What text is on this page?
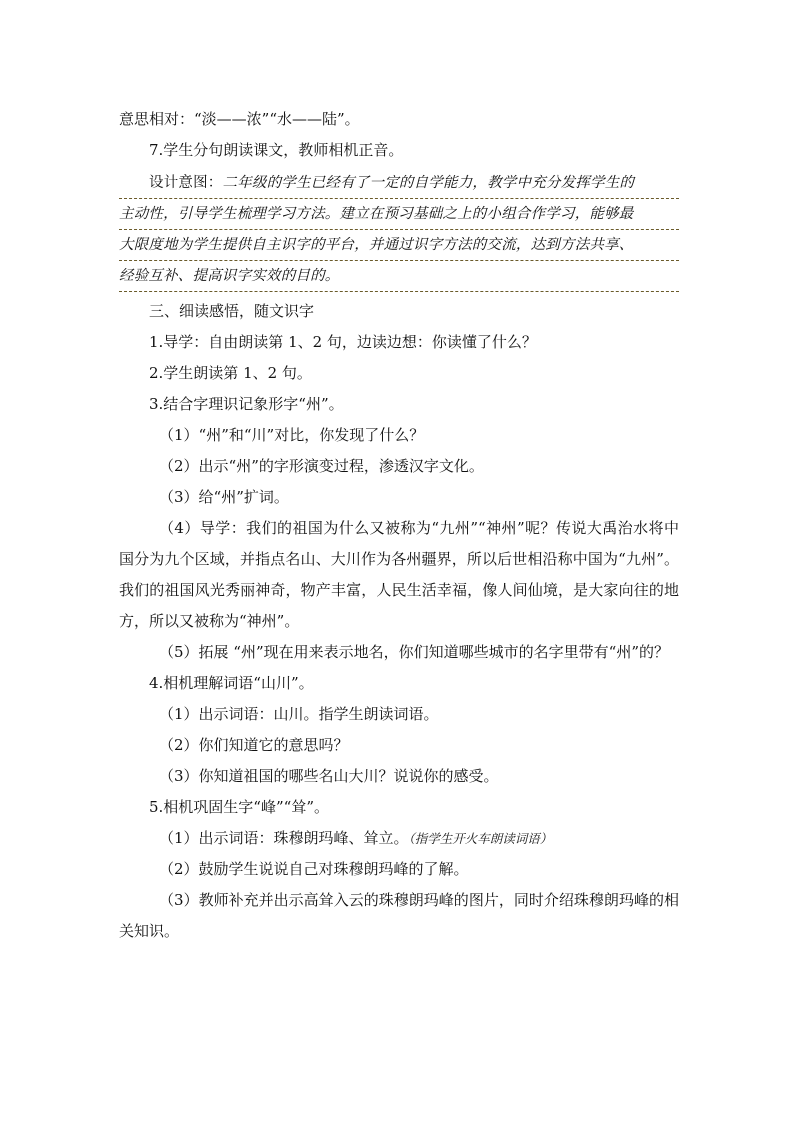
意思相对：“淡——浓”“水——陆”。

7.学生分句朗读课文，教师相机正音。

设计意图：二年级的学生已经有了一定的自学能力，教学中充分发挥学生的
主动性，引导学生梳理学习方法。建立在预习基础之上的小组合作学习，能够最
大限度地为学生提供自主识字的平台，并通过识字方法的交流，达到方法共享、
经验互补、提高识字实效的目的。

三、细读感悟，随文识字

1.导学：自由朗读第 1、2 句，边读边想：你读懂了什么？

2.学生朗读第 1、2 句。

3.结合字理识记象形字“州”。

（1）“州”和“川”对比，你发现了什么？

（2）出示“州”的字形演变过程，渗透汉字文化。

（3）给“州”扩词。

（4）导学：我们的祖国为什么又被称为“九州”“神州”呢？传说大禹治水将中国分为九个区域，并指点名山、大川作为各州疆界，所以后世相沿称中国为“九州”。我们的祖国风光秀丽神奇，物产丰富，人民生活幸福，像人间仙境，是大家向往的地方，所以又被称为“神州”。

（5）拓展 “州”现在用来表示地名，你们知道哪些城市的名字里带有“州”的？

4.相机理解词语“山川”。

（1）出示词语：山川。指学生朗读词语。

（2）你们知道它的意思吗？

（3）你知道祖国的哪些名山大川？说说你的感受。

5.相机巩固生字“峰”“耸”。

（1）出示词语：珠穆朗玛峰、耸立。（指学生开火车朗读词语）

（2）鼓励学生说说自己对珠穆朗玛峰的了解。

（3）教师补充并出示高耸入云的珠穆朗玛峰的图片，同时介绍珠穆朗玛峰的相关知识。
